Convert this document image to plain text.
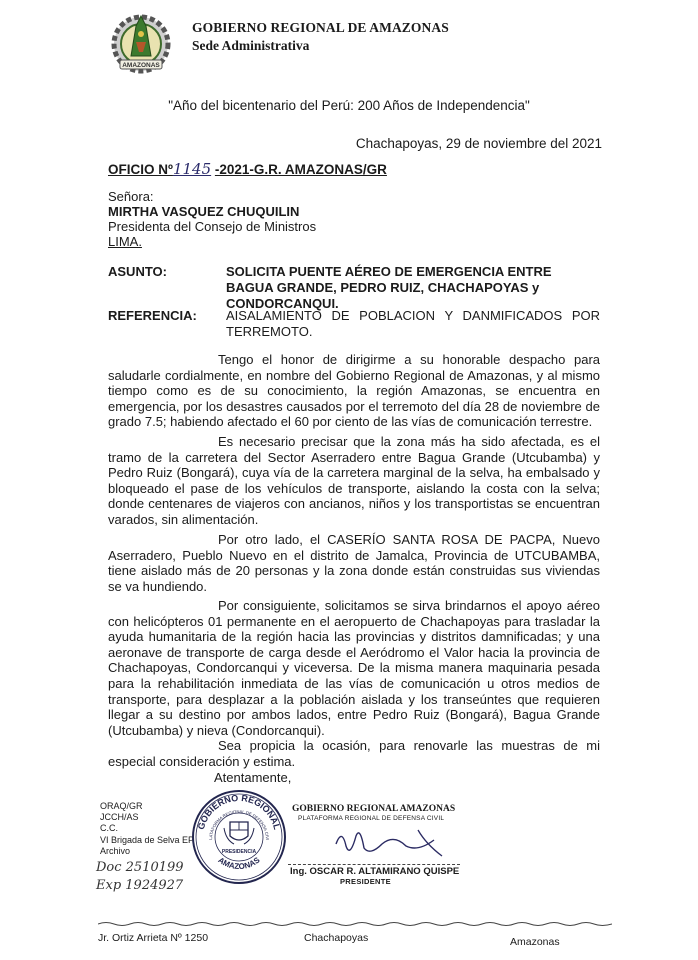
AMAZONAS
GOBIERNO REGIONAL DE AMAZONAS
Sede Administrativa
"Año del bicentenario del Perú: 200 Años de Independencia"
Chachapoyas, 29 de noviembre del 2021
OFICIO Nº1145 -2021-G.R. AMAZONAS/GR
Señora:
MIRTHA VASQUEZ CHUQUILIN
Presidenta del Consejo de Ministros
LIMA.
ASUNTO:	SOLICITA PUENTE AÉREO DE EMERGENCIA ENTRE BAGUA GRANDE, PEDRO RUIZ, CHACHAPOYAS y CONDORCANQUI.
REFERENCIA: AISALAMIENTO DE POBLACION Y DANMIFICADOS POR TERREMOTO.

Tengo el honor de dirigirme a su honorable despacho para saludarle cordialmente, en nombre del Gobierno Regional de Amazonas, y al mismo tiempo como es de su conocimiento, la región Amazonas, se encuentra en emergencia, por los desastres causados por el terremoto del día 28 de noviembre de grado 7.5; habiendo afectado el 60 por ciento de las vías de comunicación terrestre.

Es necesario precisar que la zona más ha sido afectada, es el tramo de la carretera del Sector Aserradero entre Bagua Grande (Utcubamba) y Pedro Ruiz (Bongará), cuya vía de la carretera marginal de la selva, ha embalsado y bloqueado el pase de los vehículos de transporte, aislando la costa con la selva; donde centenares de viajeros con ancianos, niños y los transportistas se encuentran varados, sin alimentación.

Por otro lado, el CASERÍO SANTA ROSA DE PACPA, Nuevo Aserradero, Pueblo Nuevo en el distrito de Jamalca, Provincia de UTCUBAMBA, tiene aislado más de 20 personas y la zona donde están construidas sus viviendas se va hundiendo.

Por consiguiente, solicitamos se sirva brindarnos el apoyo aéreo con helicópteros 01 permanente en el aeropuerto de Chachapoyas para trasladar la ayuda humanitaria de la región hacia las provincias y distritos damnificadas; y una aeronave de transporte de carga desde el Aeródromo el Valor hacia la provincia de Chachapoyas, Condorcanqui y viceversa. De la misma manera maquinaria pesada para la rehabilitación inmediata de las vías de comunicación u otros medios de transporte, para desplazar a la población aislada y los transeúntes que requieren llegar a su destino por ambos lados, entre Pedro Ruiz (Bongará), Bagua Grande (Utcubamba) y nieva (Condorcanqui).

Sea propicia la ocasión, para renovarle las muestras de mi especial consideración y estima.

Atentamente,
ORAQ/GR
JCCH/AS
C.C.
VI Brigada de Selva EP
Archivo
Doc 2510199
Exp 1924927
GOBIERNO REGIONAL
LATAFORMA REGIONAL DE DEFENSA CIVI
AMAZONAS
PRESIDENCIA
GOBIERNO REGIONAL AMAZONAS
PLATAFORMA REGIONAL DE DEFENSA CIVIL
Ing. OSCAR R. ALTAMIRANO QUISPE
PRESIDENTE
Jr. Ortiz Arrieta Nº 1250	Chachapoyas	Amazonas
